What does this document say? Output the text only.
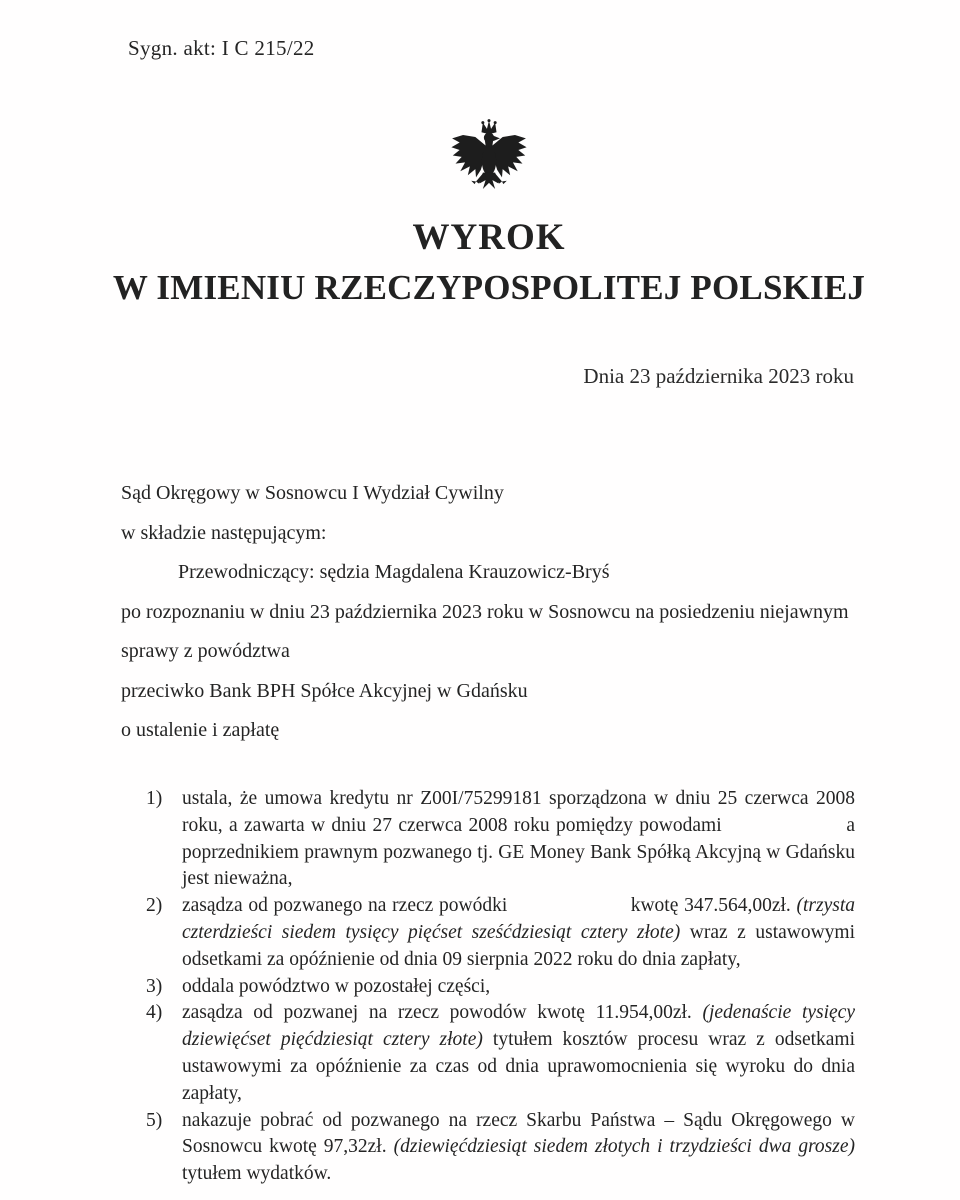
Sygn. akt: I C 215/22
WYROK
W IMIENIU RZECZYPOSPOLITEJ POLSKIEJ
Dnia 23 października 2023 roku
Sąd Okręgowy w Sosnowcu I Wydział Cywilny
w składzie następującym:
Przewodniczący: sędzia Magdalena Krauzowicz-Bryś
po rozpoznaniu w dniu 23 października 2023 roku w Sosnowcu na posiedzeniu niejawnym
sprawy z powództwa
przeciwko Bank BPH Spółce Akcyjnej w Gdańsku
o ustalenie i zapłatę
1) ustala, że umowa kredytu nr Z00I/75299181 sporządzona w dniu 25 czerwca 2008 roku, a zawarta w dniu 27 czerwca 2008 roku pomiędzy powodami	a poprzednikiem prawnym pozwanego tj. GE Money Bank Spółką Akcyjną w Gdańsku jest nieważna,
2) zasądza od pozwanego na rzecz powódki	kwotę 347.564,00zł. (trzysta czterdzieści siedem tysięcy pięćset sześćdziesiąt cztery złote) wraz z ustawowymi odsetkami za opóźnienie od dnia 09 sierpnia 2022 roku do dnia zapłaty,
3) oddala powództwo w pozostałej części,
4) zasądza od pozwanej na rzecz powodów kwotę 11.954,00zł. (jedenaście tysięcy dziewięćset pięćdziesiąt cztery złote) tytułem kosztów procesu wraz z odsetkami ustawowymi za opóźnienie za czas od dnia uprawomocnienia się wyroku do dnia zapłaty,
5) nakazuje pobrać od pozwanego na rzecz Skarbu Państwa – Sądu Okręgowego w Sosnowcu kwotę 97,32zł. (dziewięćdziesiąt siedem złotych i trzydzieści dwa grosze) tytułem wydatków.
